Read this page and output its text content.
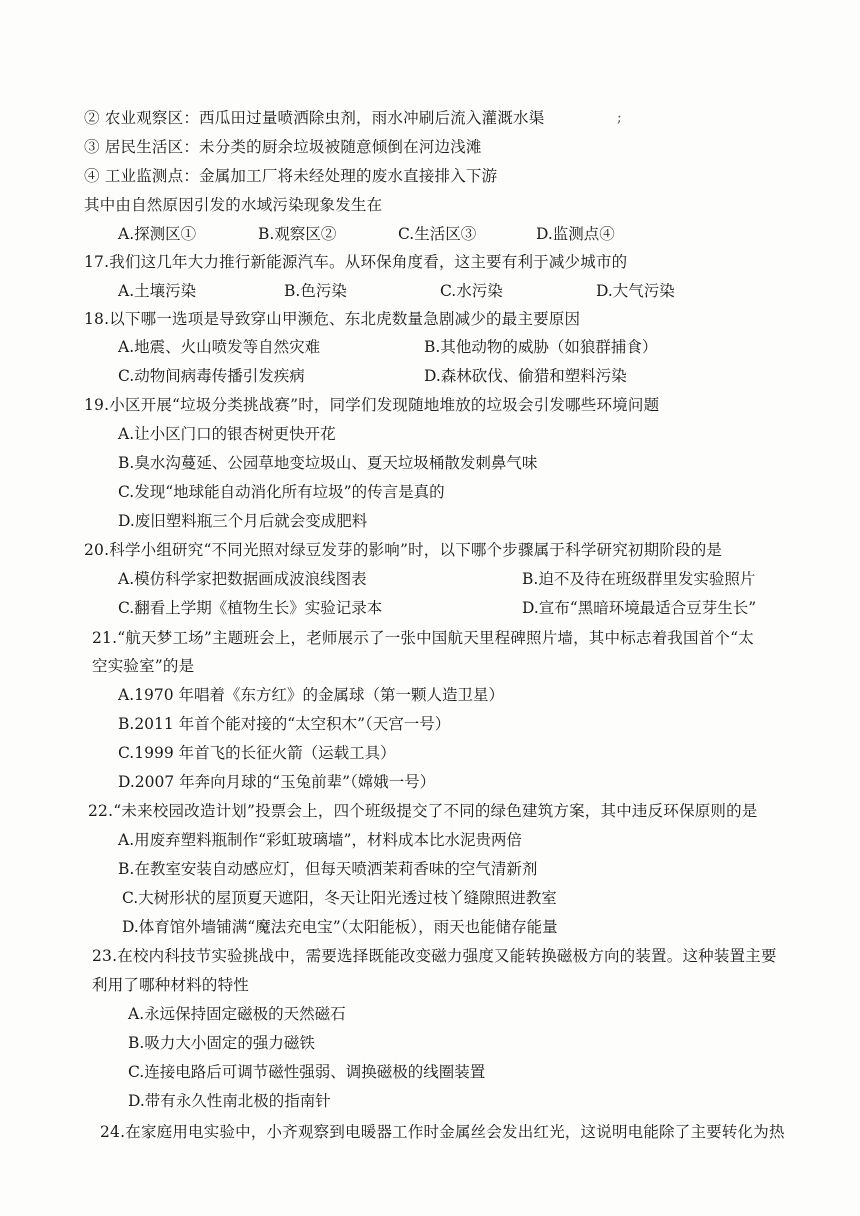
② 农业观察区：西瓜田过量喷洒除虫剂，雨水冲刷后流入灌溉水渠	;
③ 居民生活区：未分类的厨余垃圾被随意倾倒在河边浅滩
④ 工业监测点：金属加工厂将未经处理的废水直接排入下游
其中由自然原因引发的水域污染现象发生在
A.探测区①	B.观察区②	C.生活区③	D.监测点④
17.我们这几年大力推行新能源汽车。从环保角度看，这主要有利于减少城市的
A.土壤污染	B.色污染	C.水污染	D.大气污染
18.以下哪一选项是导致穿山甲濒危、东北虎数量急剧减少的最主要原因
A.地震、火山喷发等自然灾难	B.其他动物的威胁（如狼群捕食）
C.动物间病毒传播引发疾病	D.森林砍伐、偷猎和塑料污染
19.小区开展“垃圾分类挑战赛”时，同学们发现随地堆放的垃圾会引发哪些环境问题
A.让小区门口的银杏树更快开花
B.臭水沟蔓延、公园草地变垃圾山、夏天垃圾桶散发刺鼻气味
C.发现“地球能自动消化所有垃圾”的传言是真的
D.废旧塑料瓶三个月后就会变成肥料
20.科学小组研究“不同光照对绿豆发芽的影响”时，以下哪个步骤属于科学研究初期阶段的是
A.模仿科学家把数据画成波浪线图表	B.迫不及待在班级群里发实验照片
C.翻看上学期《植物生长》实验记录本	D.宣布“黑暗环境最适合豆芽生长”
21.“航天梦工场”主题班会上，老师展示了一张中国航天里程碑照片墙，其中标志着我国首个“太
空实验室”的是
A.1970 年唱着《东方红》的金属球（第一颗人造卫星）
B.2011 年首个能对接的“太空积木”（天宫一号）
C.1999 年首飞的长征火箭（运载工具）
D.2007 年奔向月球的“玉兔前辈”（嫦娥一号）
22.“未来校园改造计划”投票会上，四个班级提交了不同的绿色建筑方案，其中违反环保原则的是
A.用废弃塑料瓶制作“彩虹玻璃墙”，材料成本比水泥贵两倍
B.在教室安装自动感应灯，但每天喷洒茉莉香味的空气清新剂
C.大树形状的屋顶夏天遮阳，冬天让阳光透过枝丫缝隙照进教室
D.体育馆外墙铺满“魔法充电宝”（太阳能板），雨天也能储存能量
23.在校内科技节实验挑战中，需要选择既能改变磁力强度又能转换磁极方向的装置。这种装置主要
利用了哪种材料的特性
A.永远保持固定磁极的天然磁石
B.吸力大小固定的强力磁铁
C.连接电路后可调节磁性强弱、调换磁极的线圈装置
D.带有永久性南北极的指南针
24.在家庭用电实验中，小齐观察到电暖器工作时金属丝会发出红光，这说明电能除了主要转化为热
